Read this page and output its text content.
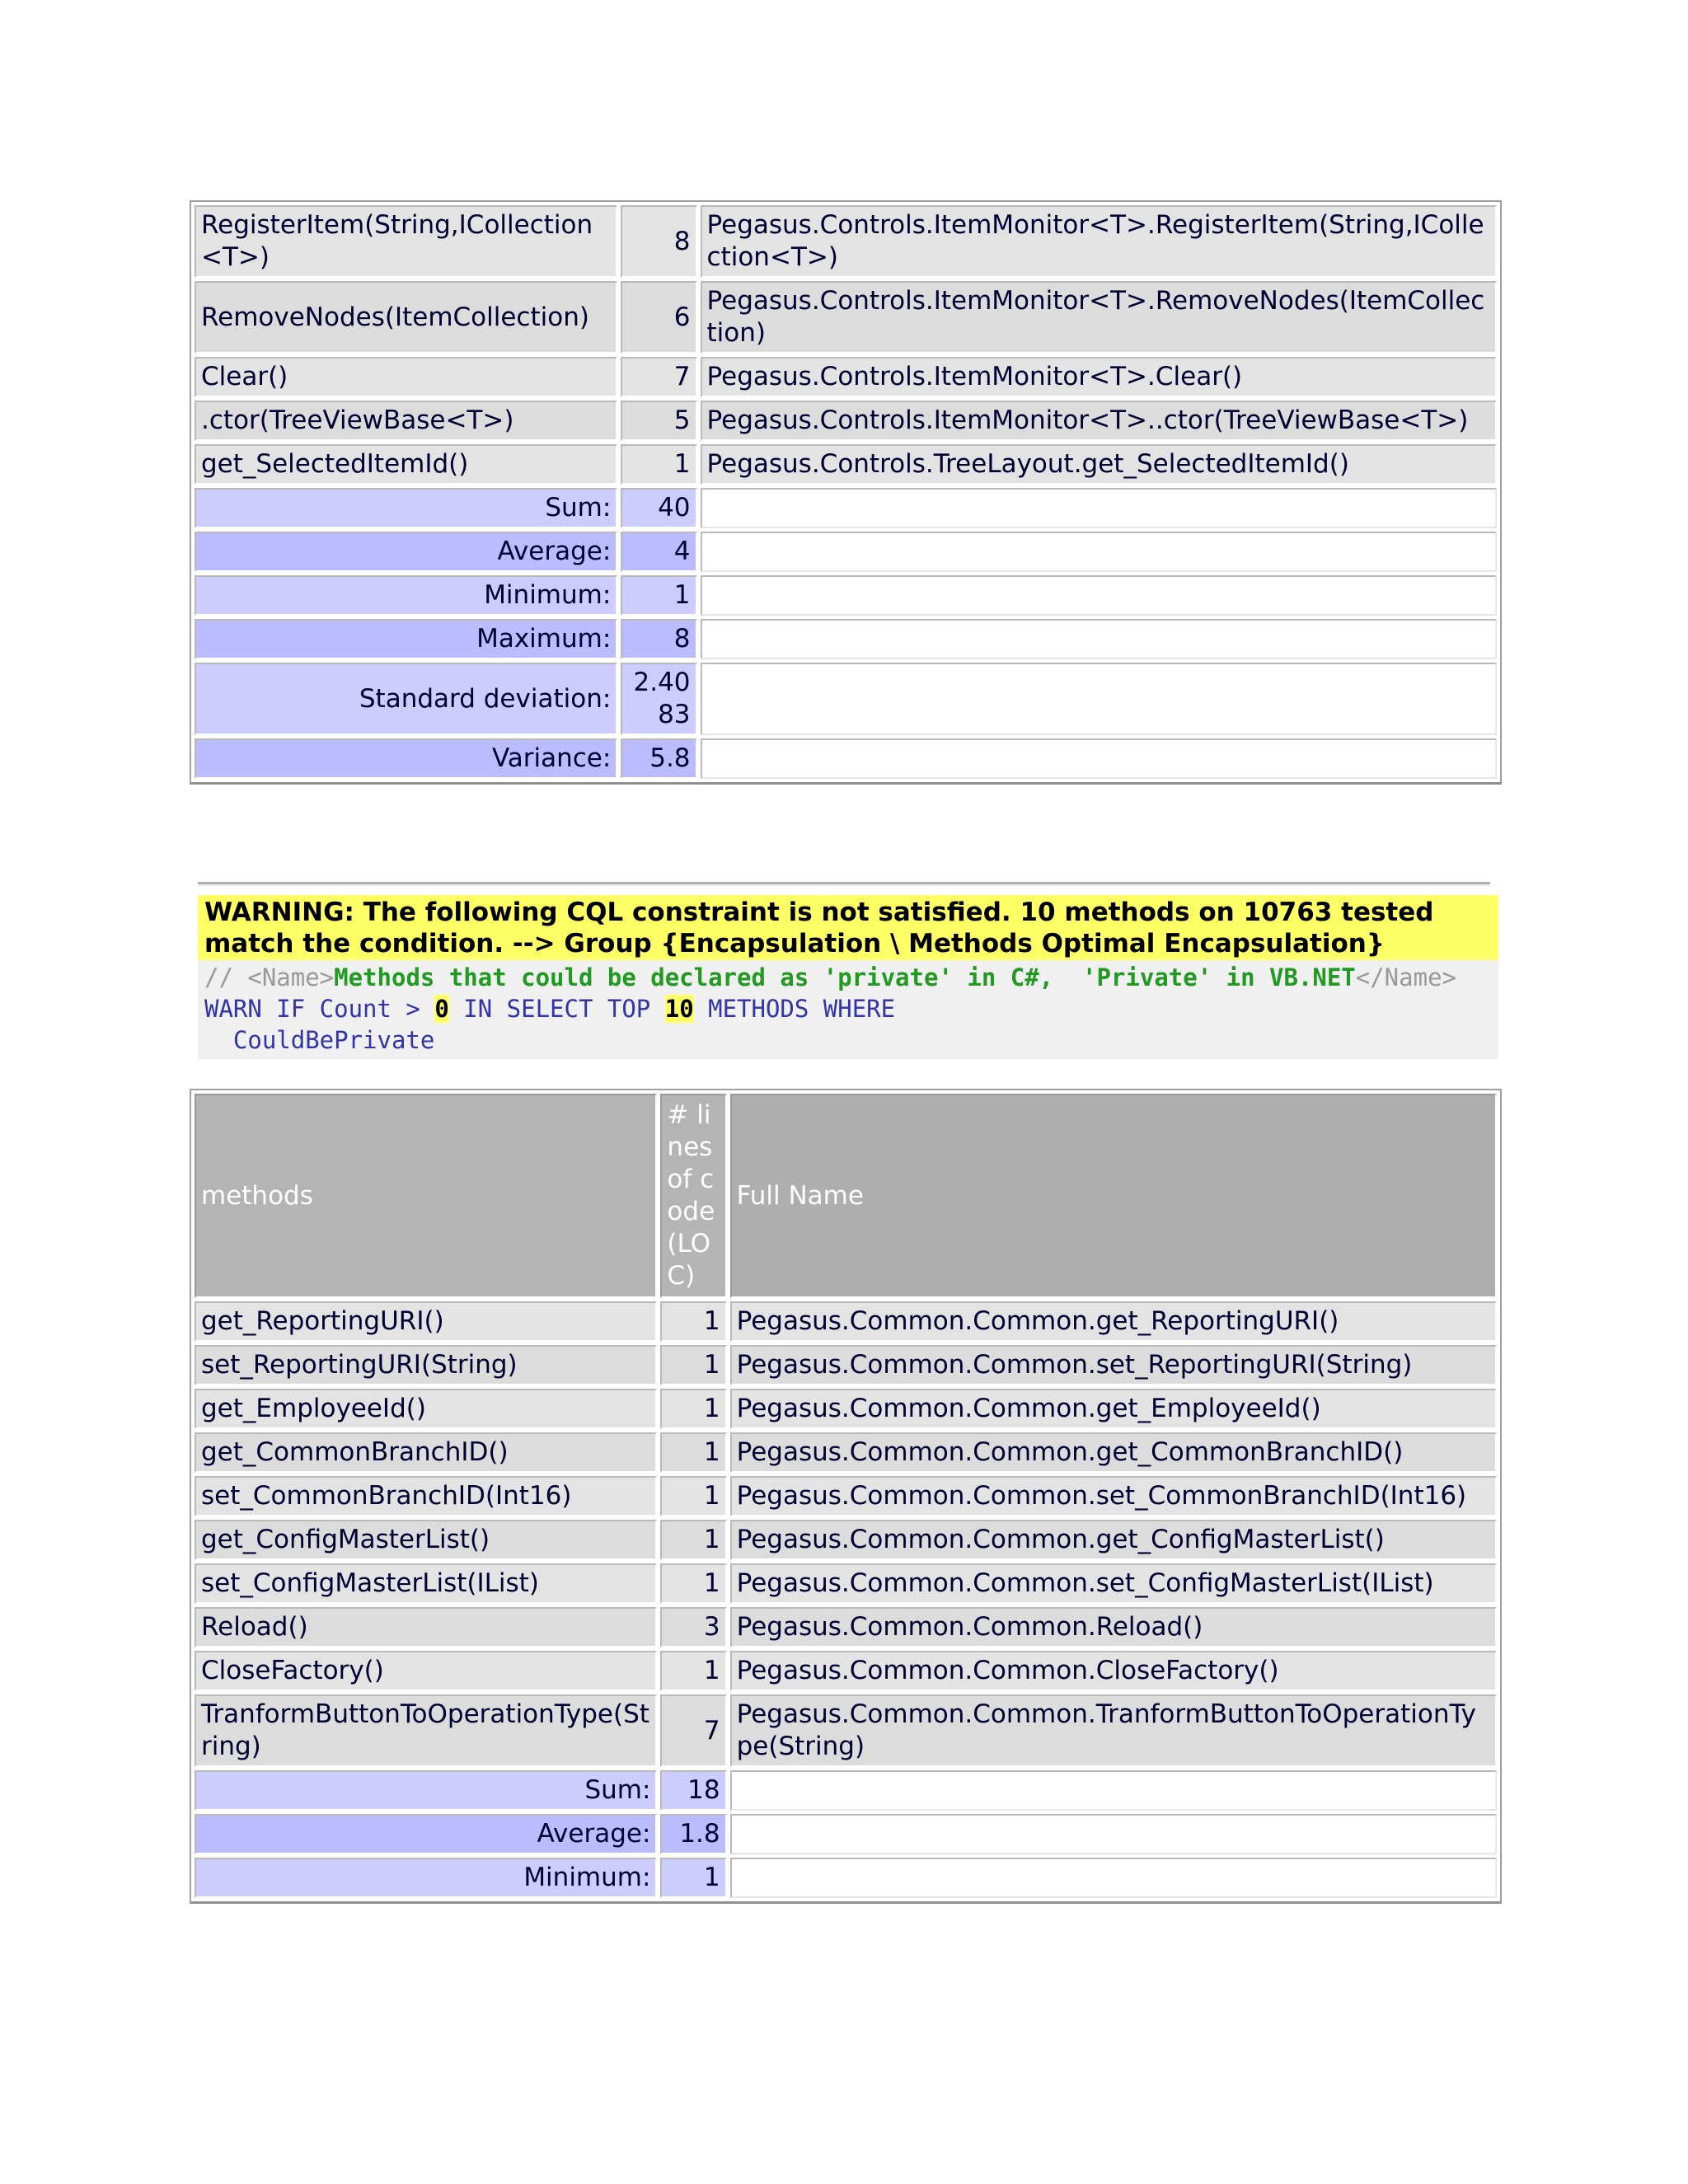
RegisterItem(String,ICollection<T>)	8	Pegasus.Controls.ItemMonitor<T>.RegisterItem(String,ICollection<T>)
RemoveNodes(ItemCollection)	6	Pegasus.Controls.ItemMonitor<T>.RemoveNodes(ItemCollection)
Clear()	7	Pegasus.Controls.ItemMonitor<T>.Clear()
.ctor(TreeViewBase<T>)	5	Pegasus.Controls.ItemMonitor<T>..ctor(TreeViewBase<T>)
get_SelectedItemId()	1	Pegasus.Controls.TreeLayout.get_SelectedItemId()
Sum:	40	
Average:	4	
Minimum:	1	
Maximum:	8	
Standard deviation:	2.4083	
Variance:	5.8	
WARNING: The following CQL constraint is not satisfied. 10 methods on 10763 tested match the condition. --> Group {Encapsulation \ Methods Optimal Encapsulation}
// <Name>Methods that could be declared as 'private' in C#,  'Private' in VB.NET</Name>
WARN IF Count > 0 IN SELECT TOP 10 METHODS WHERE
CouldBePrivate
methods	# lines of code (LOC)	Full Name
get_ReportingURI()	1	Pegasus.Common.Common.get_ReportingURI()
set_ReportingURI(String)	1	Pegasus.Common.Common.set_ReportingURI(String)
get_EmployeeId()	1	Pegasus.Common.Common.get_EmployeeId()
get_CommonBranchID()	1	Pegasus.Common.Common.get_CommonBranchID()
set_CommonBranchID(Int16)	1	Pegasus.Common.Common.set_CommonBranchID(Int16)
get_ConfigMasterList()	1	Pegasus.Common.Common.get_ConfigMasterList()
set_ConfigMasterList(IList)	1	Pegasus.Common.Common.set_ConfigMasterList(IList)
Reload()	3	Pegasus.Common.Common.Reload()
CloseFactory()	1	Pegasus.Common.Common.CloseFactory()
TranformButtonToOperationType(String)	7	Pegasus.Common.Common.TranformButtonToOperationType(String)
Sum:	18	
Average:	1.8	
Minimum:	1	
